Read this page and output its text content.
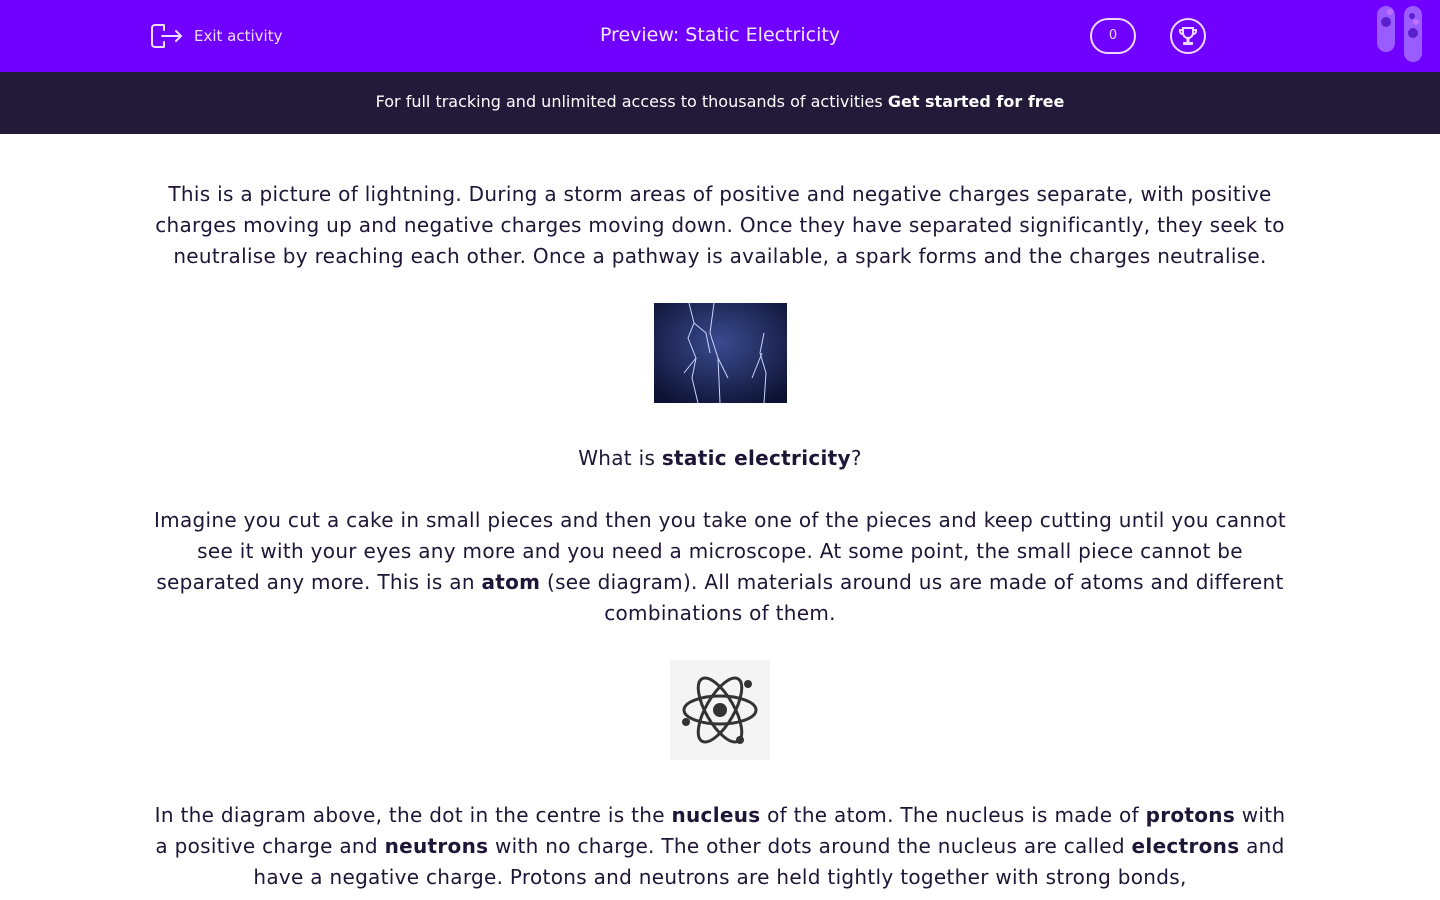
Exit activity	Preview: Static Electricity	0
For full tracking and unlimited access to thousands of activities Get started for free

This is a picture of lightning. During a storm areas of positive and negative charges separate, with positive charges moving up and negative charges moving down. Once they have separated significantly, they seek to neutralise by reaching each other. Once a pathway is available, a spark forms and the charges neutralise.

What is static electricity?

Imagine you cut a cake in small pieces and then you take one of the pieces and keep cutting until you cannot see it with your eyes any more and you need a microscope. At some point, the small piece cannot be separated any more. This is an atom (see diagram). All materials around us are made of atoms and different combinations of them.

In the diagram above, the dot in the centre is the nucleus of the atom. The nucleus is made of protons with a positive charge and neutrons with no charge. The other dots around the nucleus are called electrons and have a negative charge. Protons and neutrons are held tightly together with strong bonds,
